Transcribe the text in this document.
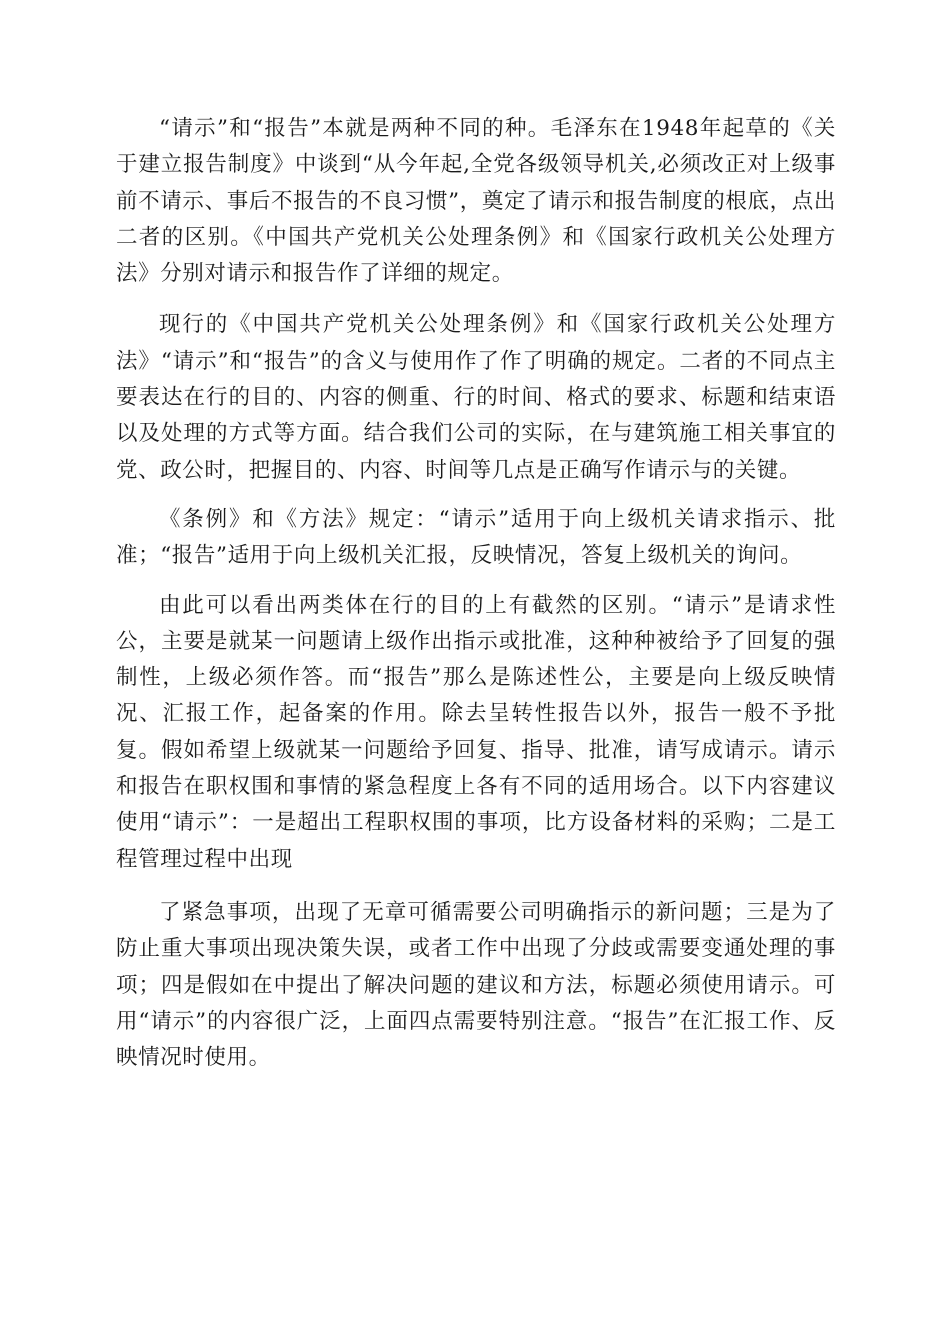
“请示”和“报告”本就是两种不同的种。毛泽东在1948年起草的《关于建立报告制度》中谈到“从今年起,全党各级领导机关,必须改正对上级事前不请示、事后不报告的不良习惯”，奠定了请示和报告制度的根底，点出二者的区别。《中国共产党机关公处理条例》和《国家行政机关公处理方法》分别对请示和报告作了详细的规定。

现行的《中国共产党机关公处理条例》和《国家行政机关公处理方法》“请示”和“报告”的含义与使用作了作了明确的规定。二者的不同点主要表达在行的目的、内容的侧重、行的时间、格式的要求、标题和结束语以及处理的方式等方面。结合我们公司的实际，在与建筑施工相关事宜的党、政公时，把握目的、内容、时间等几点是正确写作请示与的关键。

《条例》和《方法》规定：“请示”适用于向上级机关请求指示、批准；“报告”适用于向上级机关汇报，反映情况，答复上级机关的询问。

由此可以看出两类体在行的目的上有截然的区别。“请示”是请求性公，主要是就某一问题请上级作出指示或批准，这种种被给予了回复的强制性，上级必须作答。而“报告”那么是陈述性公，主要是向上级反映情况、汇报工作，起备案的作用。除去呈转性报告以外，报告一般不予批复。假如希望上级就某一问题给予回复、指导、批准，请写成请示。请示和报告在职权围和事情的紧急程度上各有不同的适用场合。以下内容建议使用“请示”：一是超出工程职权围的事项，比方设备材料的采购；二是工程管理过程中出现

了紧急事项，出现了无章可循需要公司明确指示的新问题；三是为了防止重大事项出现决策失误，或者工作中出现了分歧或需要变通处理的事项；四是假如在中提出了解决问题的建议和方法，标题必须使用请示。可用“请示”的内容很广泛，上面四点需要特别注意。“报告”在汇报工作、反映情况时使用。
